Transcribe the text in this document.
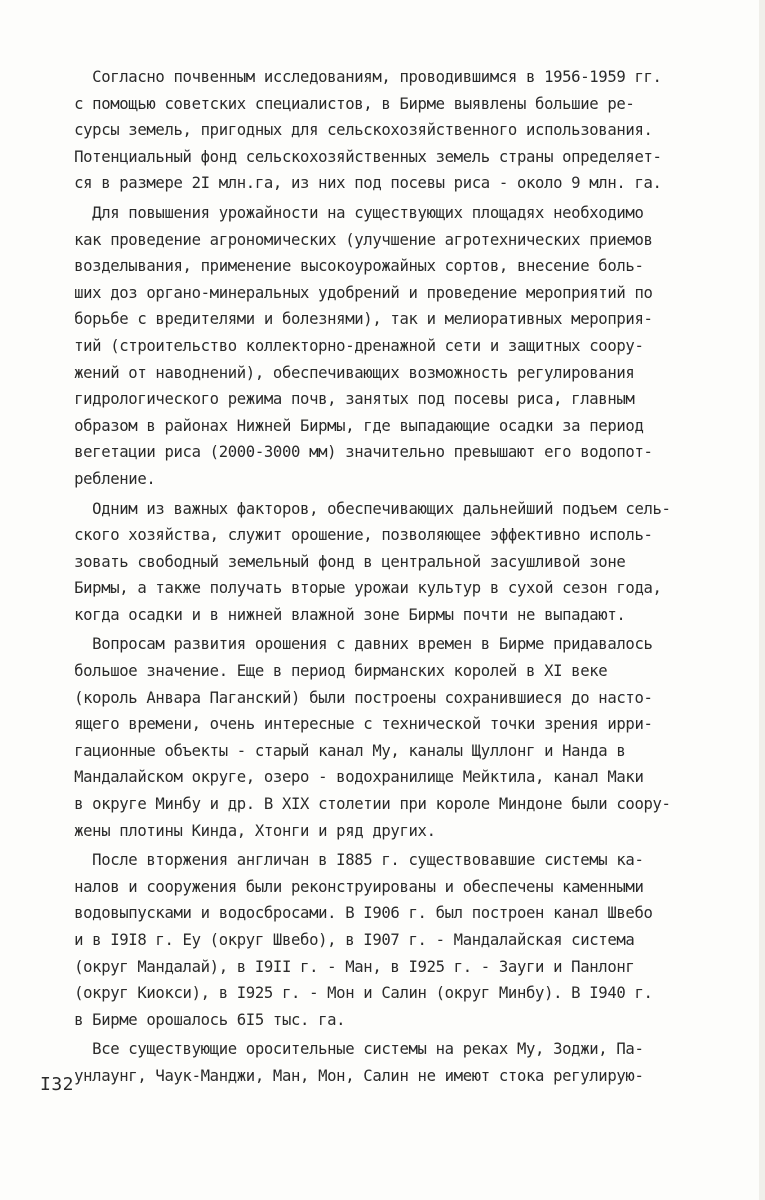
Согласно почвенным исследованиям, проводившимся в 1956-1959 гг.
с помощью советских специалистов, в Бирме выявлены большие ре-
сурсы земель, пригодных для сельскохозяйственного использования.
Потенциальный фонд сельскохозяйственных земель страны определяет-
ся в размере 2I млн.га, из них под посевы риса - около 9 млн. га.

Для повышения урожайности на существующих площадях необходимо
как проведение агрономических (улучшение агротехнических приемов
возделывания, применение высокоурожайных сортов, внесение боль-
ших доз органо-минеральных удобрений и проведение мероприятий по
борьбе с вредителями и болезнями), так и мелиоративных мероприя-
тий (строительство коллекторно-дренажной сети и защитных соору-
жений от наводнений), обеспечивающих возможность регулирования
гидрологического режима почв, занятых под посевы риса, главным
образом в районах Нижней Бирмы, где выпадающие осадки за период
вегетации риса (2000-3000 мм) значительно превышают его водопот-
ребление.

Одним из важных факторов, обеспечивающих дальнейший подъем сель-
ского хозяйства, служит орошение, позволяющее эффективно исполь-
зовать свободный земельный фонд в центральной засушливой зоне
Бирмы, а также получать вторые урожаи культур в сухой сезон года,
когда осадки и в нижней влажной зоне Бирмы почти не выпадают.

Вопросам развития орошения с давних времен в Бирме придавалось
большое значение. Еще в период бирманских королей в XI веке
(король Анвара Паганский) были построены сохранившиеся до насто-
ящего времени, очень интересные с технической точки зрения ирри-
гационные объекты - старый канал Му, каналы Щуллонг и Нанда в
Мандалайском округе, озеро - водохранилище Мейктила, канал Маки
в округе Минбу и др. В XIX столетии при короле Миндоне были соору-
жены плотины Кинда, Хтонги и ряд других.

После вторжения англичан в I885 г. существовавшие системы ка-
налов и сооружения были реконструированы и обеспечены каменными
водовыпусками и водосбросами. В I906 г. был построен канал Швебо
и в I9I8 г. Еу (округ Швебо), в I907 г. - Мандалайская система
(округ Мандалай), в I9II г. - Ман, в I925 г. - Зауги и Панлонг
(округ Киокси), в I925 г. - Мон и Салин (округ Минбу). В I940 г.
в Бирме орошалось 6I5 тыс. га.

Все существующие оросительные системы на реках Му, Зоджи, Па-
унлаунг, Чаук-Манджи, Ман, Мон, Салин не имеют стока регулирую-

I32
